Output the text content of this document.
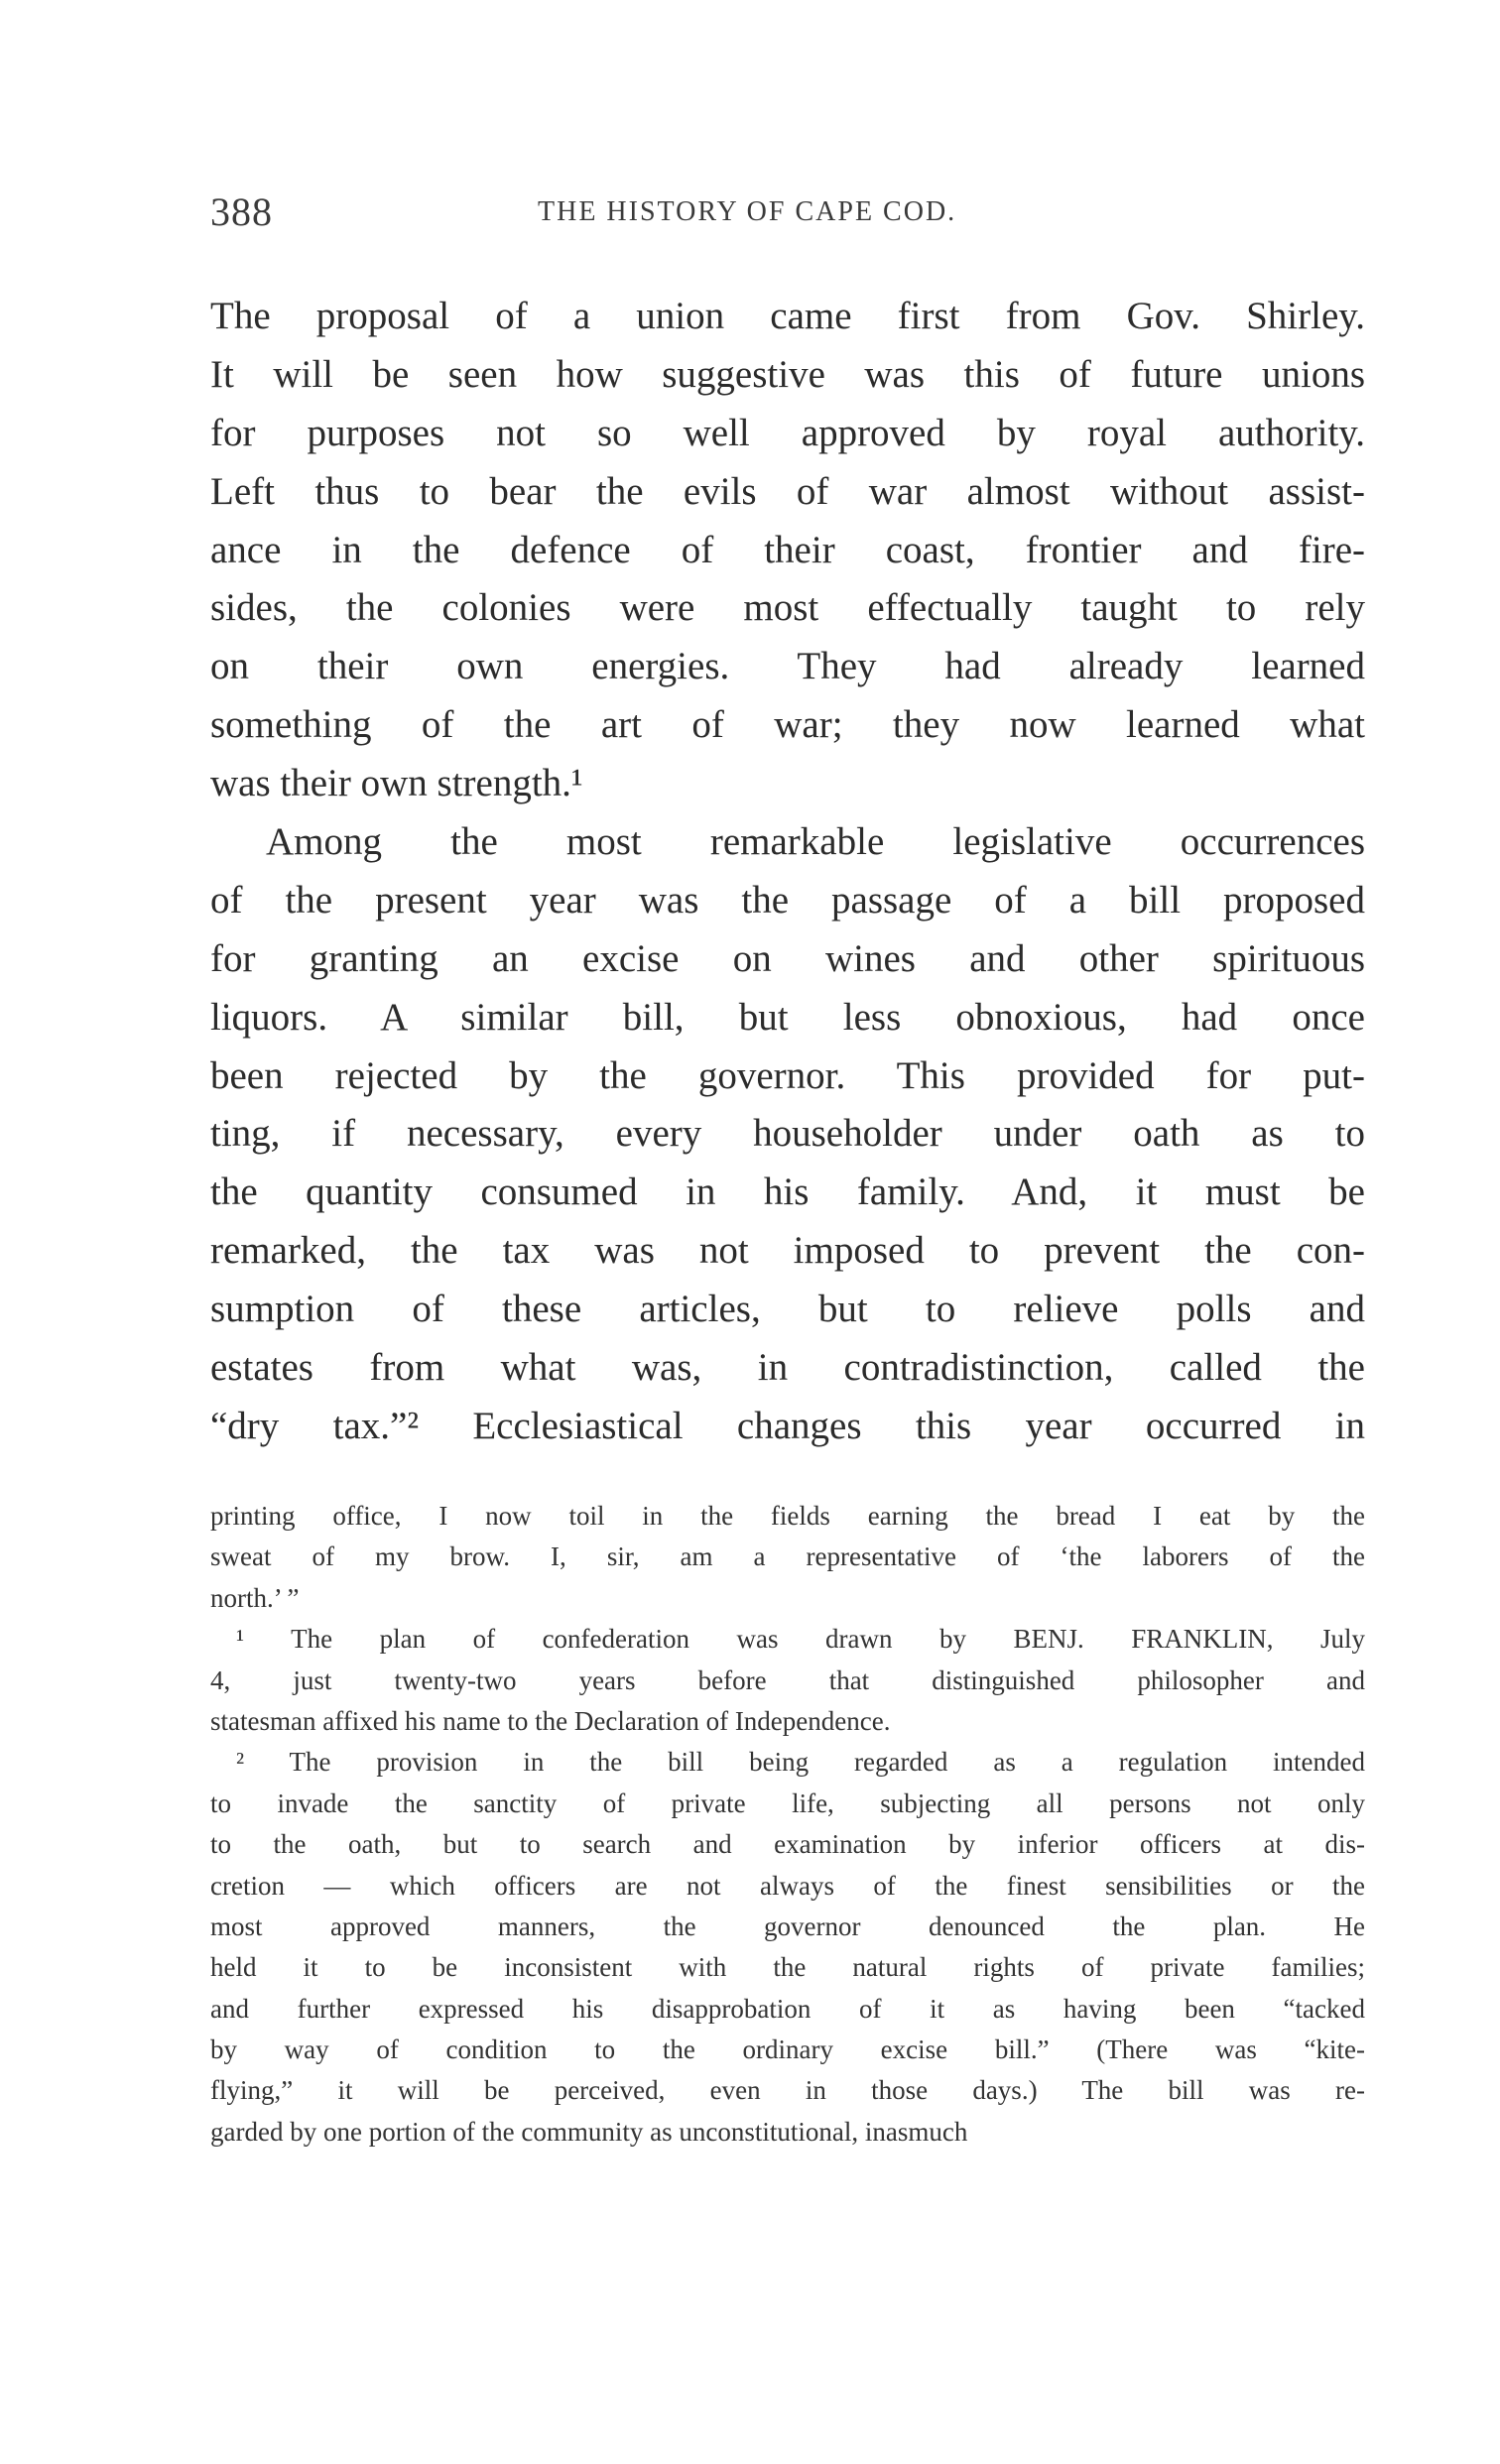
388	THE HISTORY OF CAPE COD.
The proposal of a union came first from Gov. Shirley.
It will be seen how suggestive was this of future unions
for purposes not so well approved by royal authority.
Left thus to bear the evils of war almost without assist-
ance in the defence of their coast, frontier and fire-
sides, the colonies were most effectually taught to rely
on their own energies. They had already learned
something of the art of war; they now learned what
was their own strength.¹
Among the most remarkable legislative occurrences
of the present year was the passage of a bill proposed
for granting an excise on wines and other spirituous
liquors. A similar bill, but less obnoxious, had once
been rejected by the governor. This provided for put-
ting, if necessary, every householder under oath as to
the quantity consumed in his family. And, it must be
remarked, the tax was not imposed to prevent the con-
sumption of these articles, but to relieve polls and
estates from what was, in contradistinction, called the
“dry tax.”² Ecclesiastical changes this year occurred in
printing office, I now toil in the fields earning the bread I eat by the
sweat of my brow. I, sir, am a representative of ‘the laborers of the
north.’ ”
¹ The plan of confederation was drawn by BENJ. FRANKLIN, July
4, just twenty-two years before that distinguished philosopher and
statesman affixed his name to the Declaration of Independence.
² The provision in the bill being regarded as a regulation intended
to invade the sanctity of private life, subjecting all persons not only
to the oath, but to search and examination by inferior officers at dis-
cretion — which officers are not always of the finest sensibilities or the
most approved manners, the governor denounced the plan. He
held it to be inconsistent with the natural rights of private families;
and further expressed his disapprobation of it as having been “tacked
by way of condition to the ordinary excise bill.” (There was “kite-
flying,” it will be perceived, even in those days.) The bill was re-
garded by one portion of the community as unconstitutional, inasmuch
